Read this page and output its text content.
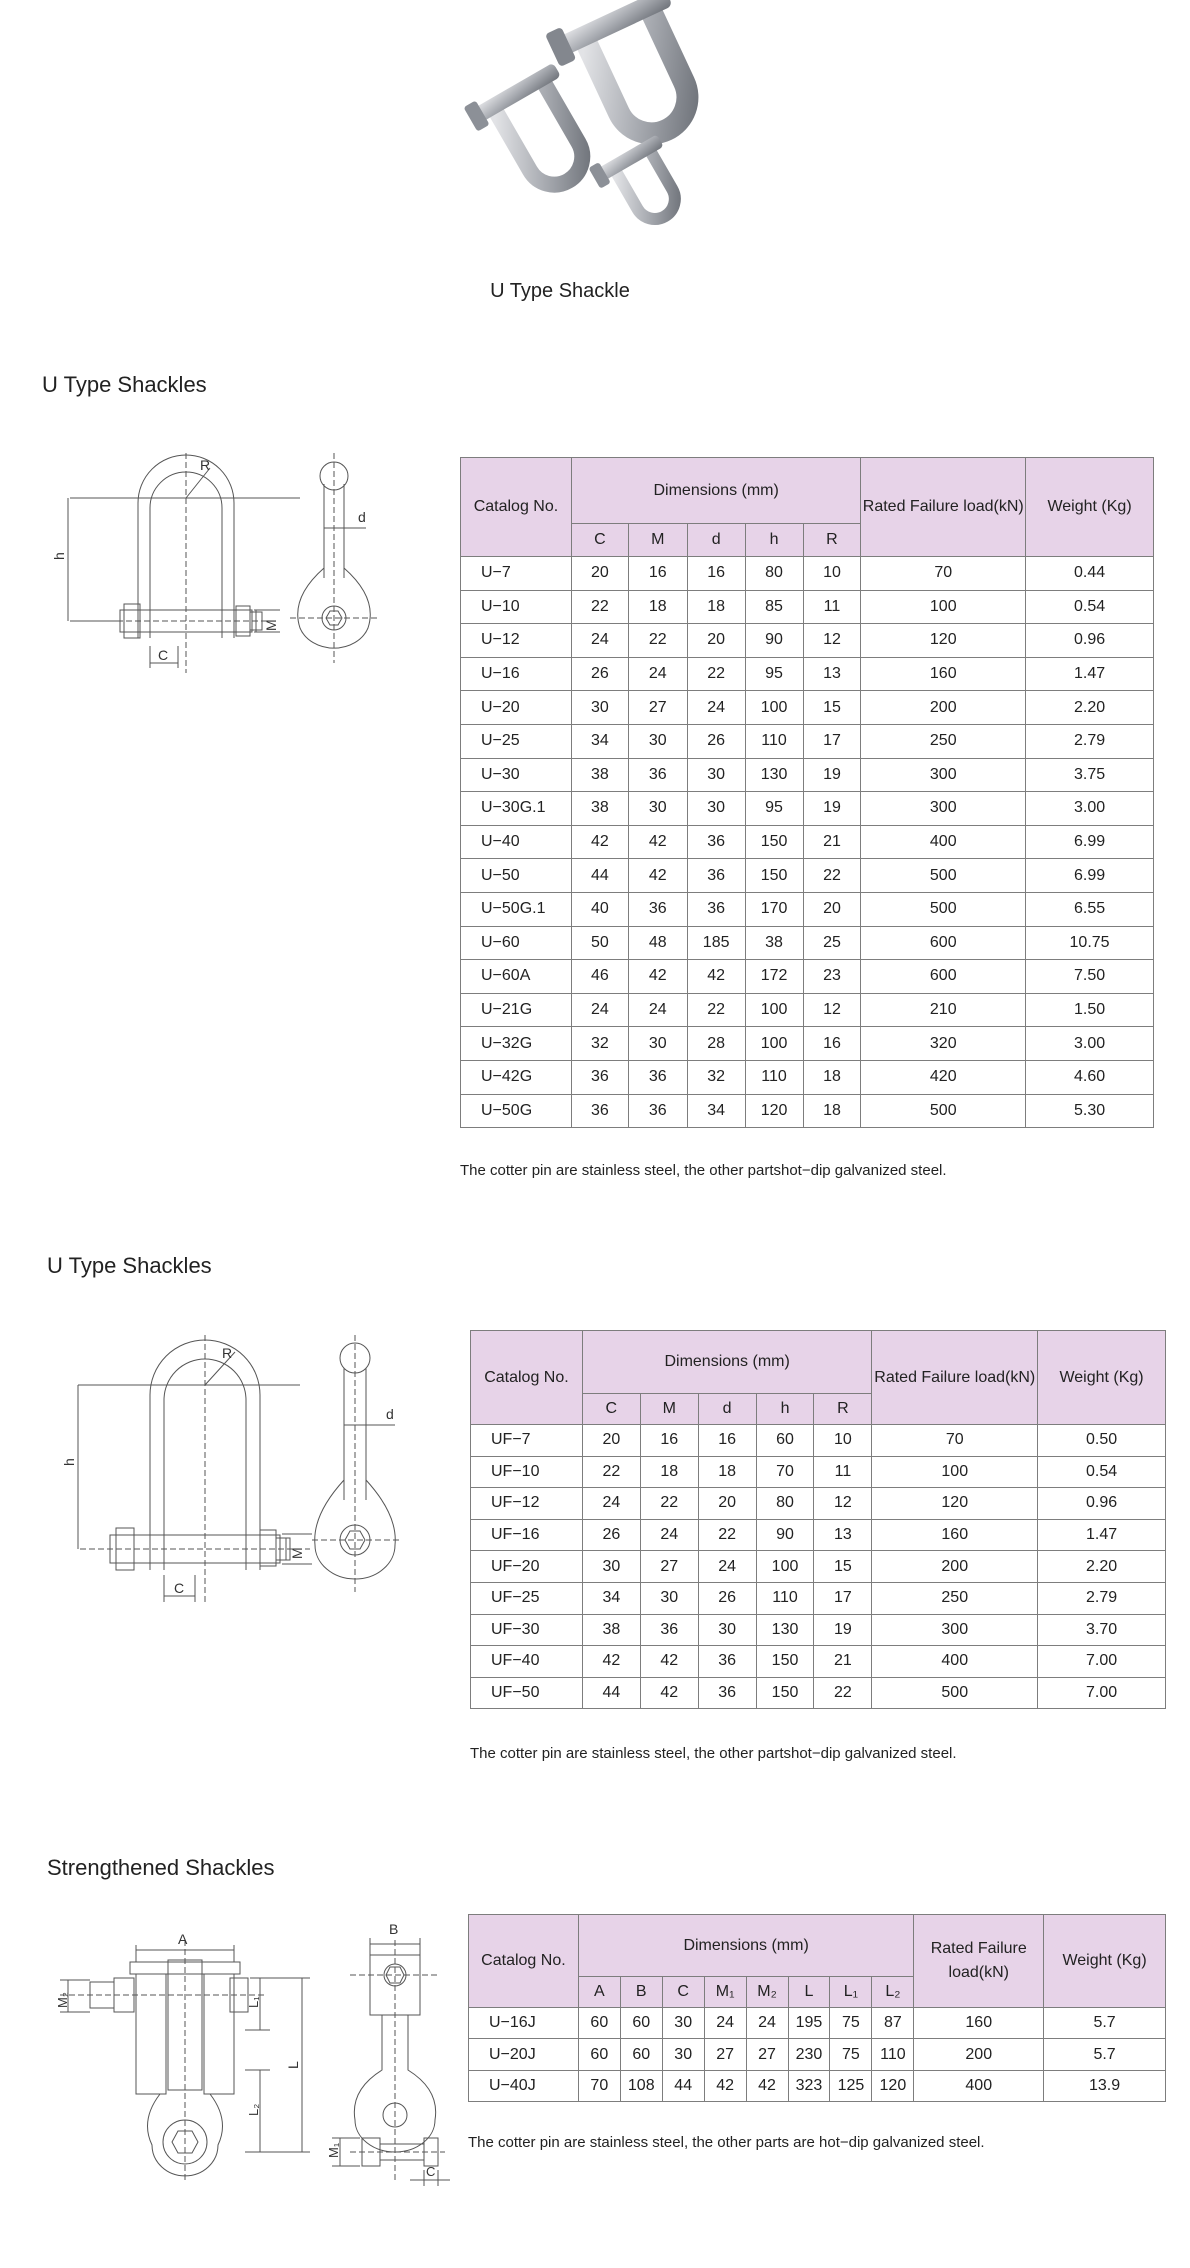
U Type Shackle
U Type Shackles
R
h
M
C
d
Catalog No.	Dimensions (mm)					Rated Failure load(kN)	Weight (Kg)
	C	M	d	h	R		
U−7	20	16	16	80	10	70	0.44
U−10	22	18	18	85	11	100	0.54
U−12	24	22	20	90	12	120	0.96
U−16	26	24	22	95	13	160	1.47
U−20	30	27	24	100	15	200	2.20
U−25	34	30	26	110	17	250	2.79
U−30	38	36	30	130	19	300	3.75
U−30G.1	38	30	30	95	19	300	3.00
U−40	42	42	36	150	21	400	6.99
U−50	44	42	36	150	22	500	6.99
U−50G.1	40	36	36	170	20	500	6.55
U−60	50	48	185	38	25	600	10.75
U−60A	46	42	42	172	23	600	7.50
U−21G	24	24	22	100	12	210	1.50
U−32G	32	30	28	100	16	320	3.00
U−42G	36	36	32	110	18	420	4.60
U−50G	36	36	34	120	18	500	5.30
The cotter pin are stainless steel, the other partshot−dip galvanized steel.
U Type Shackles
R
h
M
C
d
Catalog No.	Dimensions (mm)					Rated Failure load(kN)	Weight (Kg)
	C	M	d	h	R		
UF−7	20	16	16	60	10	70	0.50
UF−10	22	18	18	70	11	100	0.54
UF−12	24	22	20	80	12	120	0.96
UF−16	26	24	22	90	13	160	1.47
UF−20	30	27	24	100	15	200	2.20
UF−25	34	30	26	110	17	250	2.79
UF−30	38	36	30	130	19	300	3.70
UF−40	42	42	36	150	21	400	7.00
UF−50	44	42	36	150	22	500	7.00
The cotter pin are stainless steel, the other partshot−dip galvanized steel.
Strengthened Shackles
A
M₂	L₁
L₂
L
B
M₁
C
Catalog No.	Dimensions (mm)								Rated Failure load(kN)	Weight (Kg)
	A	B	C	M₁	M₂	L	L₁	L₂		
U−16J	60	60	30	24	24	195	75	87	160	5.7
U−20J	60	60	30	27	27	230	75	110	200	5.7
U−40J	70	108	44	42	42	323	125	120	400	13.9
The cotter pin are stainless steel, the other parts are hot−dip galvanized steel.
